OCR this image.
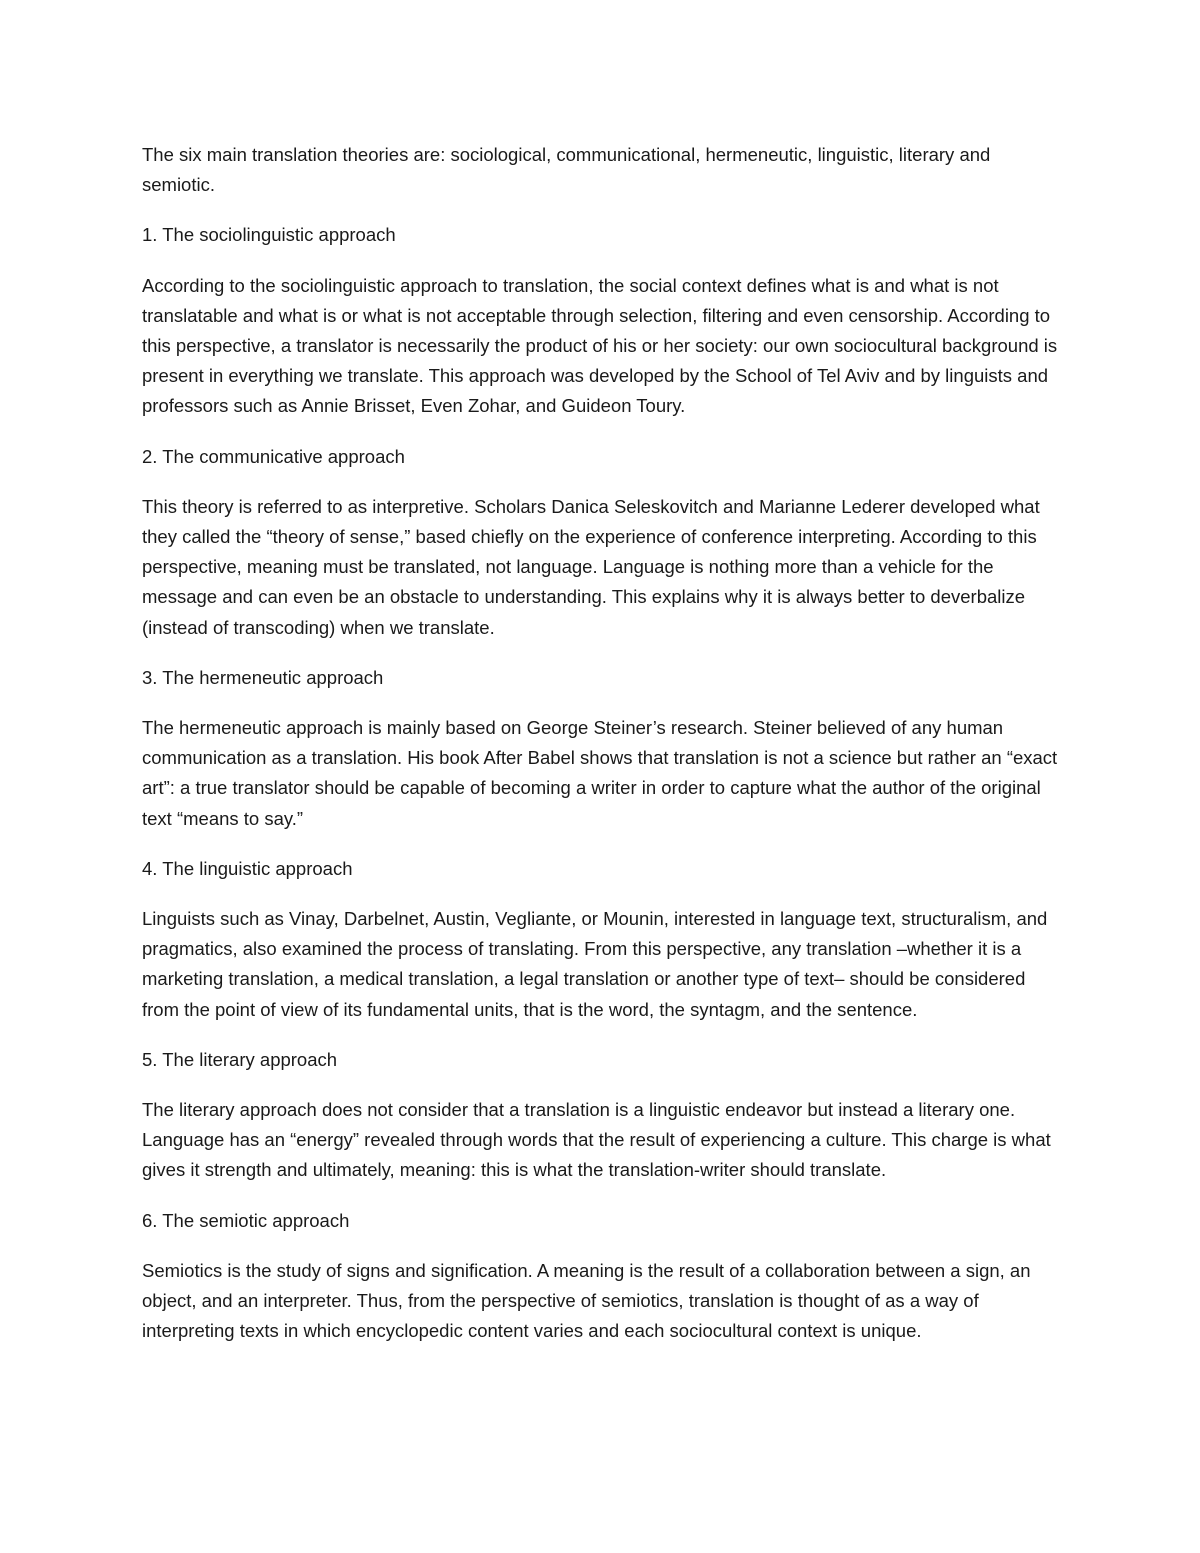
The six main translation theories are: sociological, communicational, hermeneutic, linguistic, literary and semiotic.

1. The sociolinguistic approach

According to the sociolinguistic approach to translation, the social context defines what is and what is not translatable and what is or what is not acceptable through selection, filtering and even censorship. According to this perspective, a translator is necessarily the product of his or her society: our own sociocultural background is present in everything we translate. This approach was developed by the School of Tel Aviv and by linguists and professors such as Annie Brisset, Even Zohar, and Guideon Toury.

2. The communicative approach

This theory is referred to as interpretive. Scholars Danica Seleskovitch and Marianne Lederer developed what they called the “theory of sense,” based chiefly on the experience of conference interpreting. According to this perspective, meaning must be translated, not language. Language is nothing more than a vehicle for the message and can even be an obstacle to understanding. This explains why it is always better to deverbalize (instead of transcoding) when we translate.

3. The hermeneutic approach

The hermeneutic approach is mainly based on George Steiner’s research. Steiner believed of any human communication as a translation. His book After Babel shows that translation is not a science but rather an “exact art”: a true translator should be capable of becoming a writer in order to capture what the author of the original text “means to say.”

4. The linguistic approach

Linguists such as Vinay, Darbelnet, Austin, Vegliante, or Mounin, interested in language text, structuralism, and pragmatics, also examined the process of translating. From this perspective, any translation –whether it is a marketing translation, a medical translation, a legal translation or another type of text– should be considered from the point of view of its fundamental units, that is the word, the syntagm, and the sentence.

5. The literary approach

The literary approach does not consider that a translation is a linguistic endeavor but instead a literary one. Language has an “energy” revealed through words that the result of experiencing a culture. This charge is what gives it strength and ultimately, meaning: this is what the translation-writer should translate.

6. The semiotic approach

Semiotics is the study of signs and signification. A meaning is the result of a collaboration between a sign, an object, and an interpreter. Thus, from the perspective of semiotics, translation is thought of as a way of interpreting texts in which encyclopedic content varies and each sociocultural context is unique.
